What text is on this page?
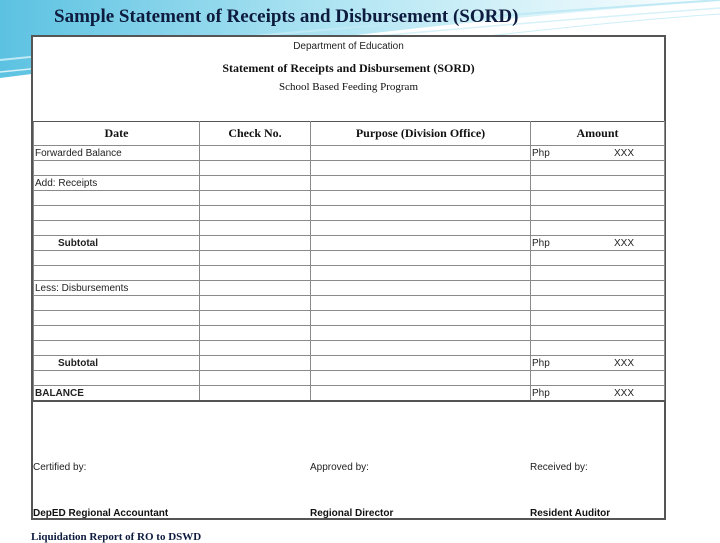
Sample Statement of Receipts and Disbursement (SORD)
Department of Education
Statement of Receipts and Disbursement (SORD)
School Based Feeding Program
Date	Check No.	Purpose (Division Office)	Amount
Forwarded Balance			Php XXX

Add: Receipts			

Subtotal			Php XXX

Less: Disbursements			

Subtotal			Php XXX

BALANCE			Php XXX
Certified by:	Approved by:	Received by:
DepED Regional Accountant	Regional Director	Resident Auditor
Liquidation Report of RO to DSWD
